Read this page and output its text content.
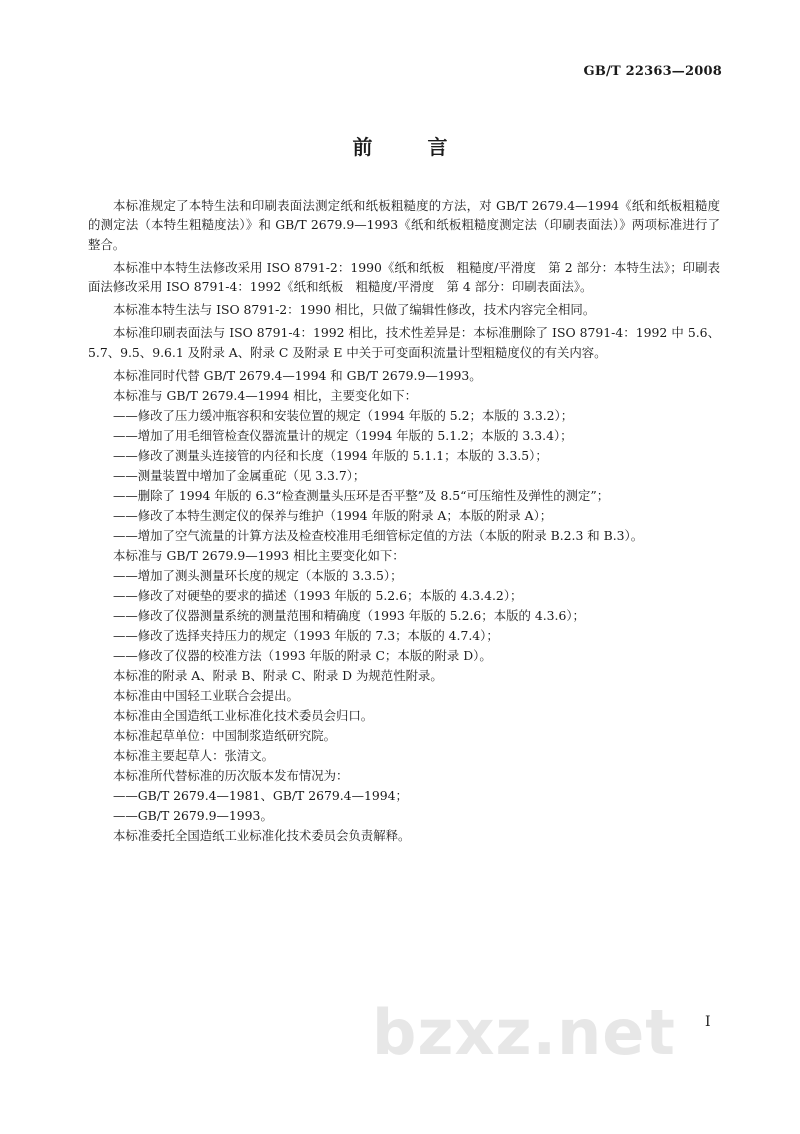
GB/T 22363—2008
前 言

本标准规定了本特生法和印刷表面法测定纸和纸板粗糙度的方法，对 GB/T 2679.4—1994《纸和纸板粗糙度的测定法（本特生粗糙度法）》和 GB/T 2679.9—1993《纸和纸板粗糙度测定法（印刷表面法）》两项标准进行了整合。

本标准中本特生法修改采用 ISO 8791-2：1990《纸和纸板　粗糙度/平滑度　第 2 部分：本特生法》；印刷表面法修改采用 ISO 8791-4：1992《纸和纸板　粗糙度/平滑度　第 4 部分：印刷表面法》。

本标准本特生法与 ISO 8791-2：1990 相比，只做了编辑性修改，技术内容完全相同。

本标准印刷表面法与 ISO 8791-4：1992 相比，技术性差异是：本标准删除了 ISO 8791-4：1992 中 5.6、5.7、9.5、9.6.1 及附录 A、附录 C 及附录 E 中关于可变面积流量计型粗糙度仪的有关内容。

本标准同时代替 GB/T 2679.4—1994 和 GB/T 2679.9—1993。

本标准与 GB/T 2679.4—1994 相比，主要变化如下：

——修改了压力缓冲瓶容积和安装位置的规定（1994 年版的 5.2；本版的 3.3.2）；

——增加了用毛细管检查仪器流量计的规定（1994 年版的 5.1.2；本版的 3.3.4）；

——修改了测量头连接管的内径和长度（1994 年版的 5.1.1；本版的 3.3.5）；

——测量装置中增加了金属重砣（见 3.3.7）；

——删除了 1994 年版的 6.3“检查测量头压环是否平整”及 8.5“可压缩性及弹性的测定”；

——修改了本特生测定仪的保养与维护（1994 年版的附录 A；本版的附录 A）；

——增加了空气流量的计算方法及检查校准用毛细管标定值的方法（本版的附录 B.2.3 和 B.3）。

本标准与 GB/T 2679.9—1993 相比主要变化如下：

——增加了测头测量环长度的规定（本版的 3.3.5）；

——修改了对硬垫的要求的描述（1993 年版的 5.2.6；本版的 4.3.4.2）；

——修改了仪器测量系统的测量范围和精确度（1993 年版的 5.2.6；本版的 4.3.6）；

——修改了选择夹持压力的规定（1993 年版的 7.3；本版的 4.7.4）；

——修改了仪器的校准方法（1993 年版的附录 C；本版的附录 D）。

本标准的附录 A、附录 B、附录 C、附录 D 为规范性附录。

本标准由中国轻工业联合会提出。

本标准由全国造纸工业标准化技术委员会归口。

本标准起草单位：中国制浆造纸研究院。

本标准主要起草人：张清文。

本标准所代替标准的历次版本发布情况为：

——GB/T 2679.4—1981、GB/T 2679.4—1994；

——GB/T 2679.9—1993。

本标准委托全国造纸工业标准化技术委员会负责解释。

bzxz.net I
